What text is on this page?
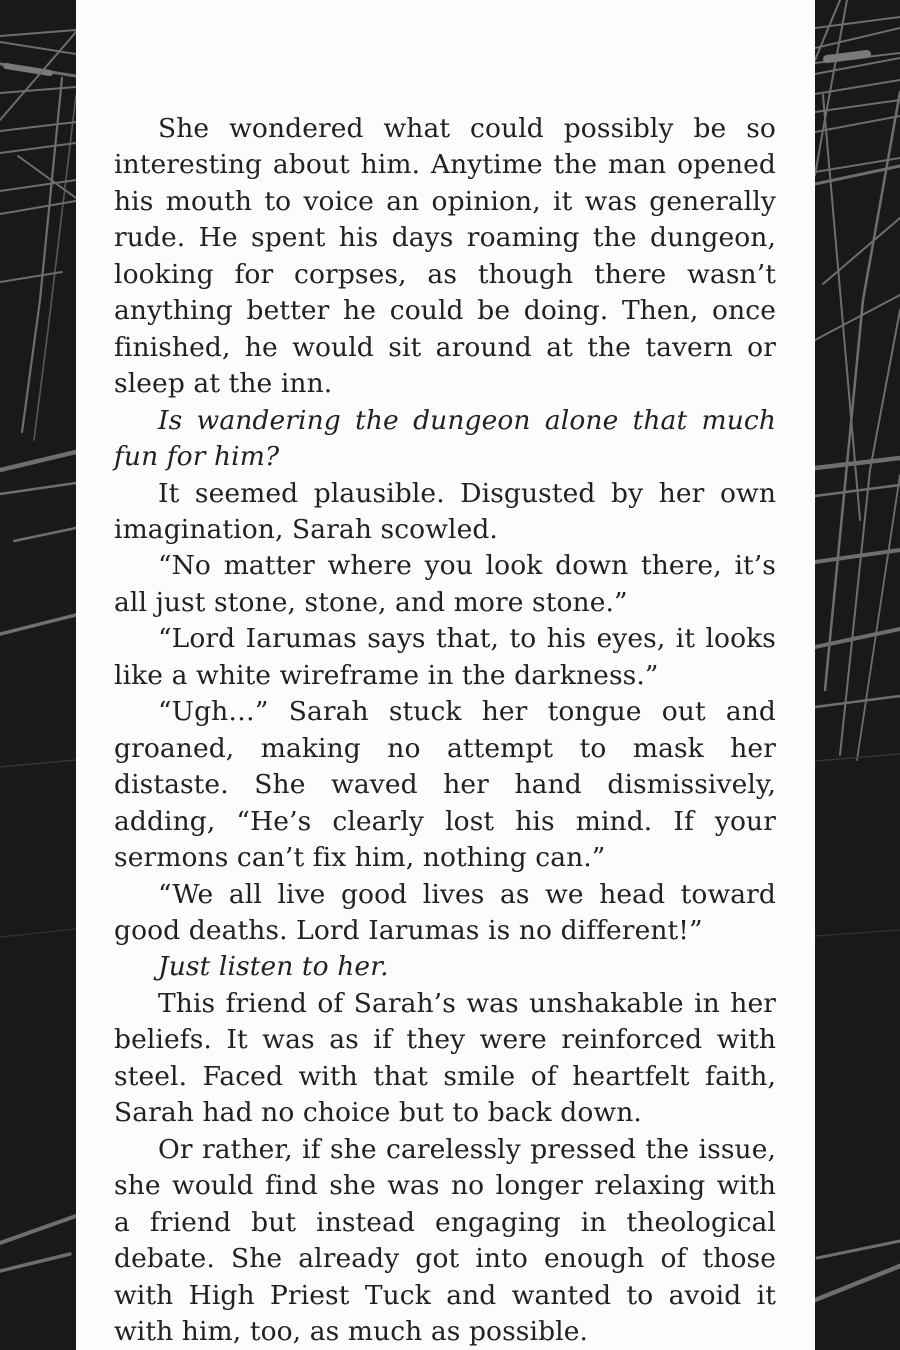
She wondered what could possibly be so interesting about him. Anytime the man opened his mouth to voice an opinion, it was generally rude. He spent his days roaming the dungeon, looking for corpses, as though there wasn’t anything better he could be doing. Then, once finished, he would sit around at the tavern or sleep at the inn.

Is wandering the dungeon alone that much fun for him?

It seemed plausible. Disgusted by her own imagination, Sarah scowled.

“No matter where you look down there, it’s all just stone, stone, and more stone.”

“Lord Iarumas says that, to his eyes, it looks like a white wireframe in the darkness.”

“Ugh…” Sarah stuck her tongue out and groaned, making no attempt to mask her distaste. She waved her hand dismissively, adding, “He’s clearly lost his mind. If your sermons can’t fix him, nothing can.”

“We all live good lives as we head toward good deaths. Lord Iarumas is no different!”

Just listen to her.

This friend of Sarah’s was unshakable in her beliefs. It was as if they were reinforced with steel. Faced with that smile of heartfelt faith, Sarah had no choice but to back down.

Or rather, if she carelessly pressed the issue, she would find she was no longer relaxing with a friend but instead engaging in theological debate. She already got into enough of those with High Priest Tuck and wanted to avoid it with him, too, as much as possible.
